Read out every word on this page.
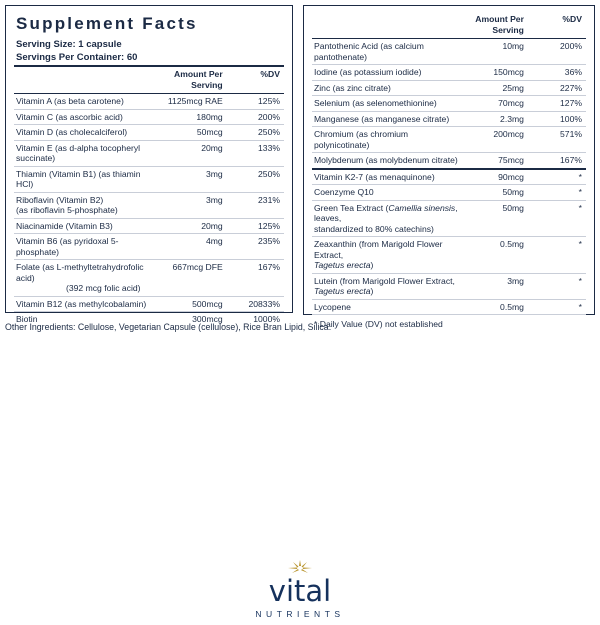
Supplement Facts
Serving Size: 1 capsule
Servings Per Container: 60

	Amount Per Serving	%DV

Vitamin A (as beta carotene)	1125mcg RAE	125%
Vitamin C (as ascorbic acid)	180mg	200%
Vitamin D (as cholecalciferol)	50mcg	250%
Vitamin E (as d-alpha tocopheryl succinate)	20mg	133%
Thiamin (Vitamin B1) (as thiamin HCl)	3mg	250%
Riboflavin (Vitamin B2)
(as riboflavin 5-phosphate)	3mg	231%
Niacinamide (Vitamin B3)	20mg	125%
Vitamin B6 (as pyridoxal 5-phosphate)	4mg	235%
Folate (as L-methyltetrahydrofolic acid)
(392 mcg folic acid)	667mcg DFE	167%
Vitamin B12 (as methylcobalamin)	500mcg	20833%
Biotin	300mcg	1000%
	Amount Per Serving	%DV

Pantothenic Acid (as calcium pantothenate)	10mg	200%
Iodine (as potassium iodide)	150mcg	36%
Zinc (as zinc citrate)	25mg	227%
Selenium (as selenomethionine)	70mcg	127%
Manganese (as manganese citrate)	2.3mg	100%
Chromium (as chromium polynicotinate)	200mcg	571%
Molybdenum (as molybdenum citrate)	75mcg	167%

Vitamin K2-7 (as menaquinone)	90mcg	*
Coenzyme Q10	50mg	*
Green Tea Extract (Camellia sinensis, leaves,
standardized to 80% catechins)	50mg	*
Zeaxanthin (from Marigold Flower Extract,
Tagetus erecta)	0.5mg	*
Lutein (from Marigold Flower Extract,
Tagetus erecta)	3mg	*
Lycopene	0.5mg	*
* Daily Value (DV) not established
Other Ingredients: Cellulose, Vegetarian Capsule (cellulose), Rice Bran Lipid, Silica.
vital
NUTRIENTS
